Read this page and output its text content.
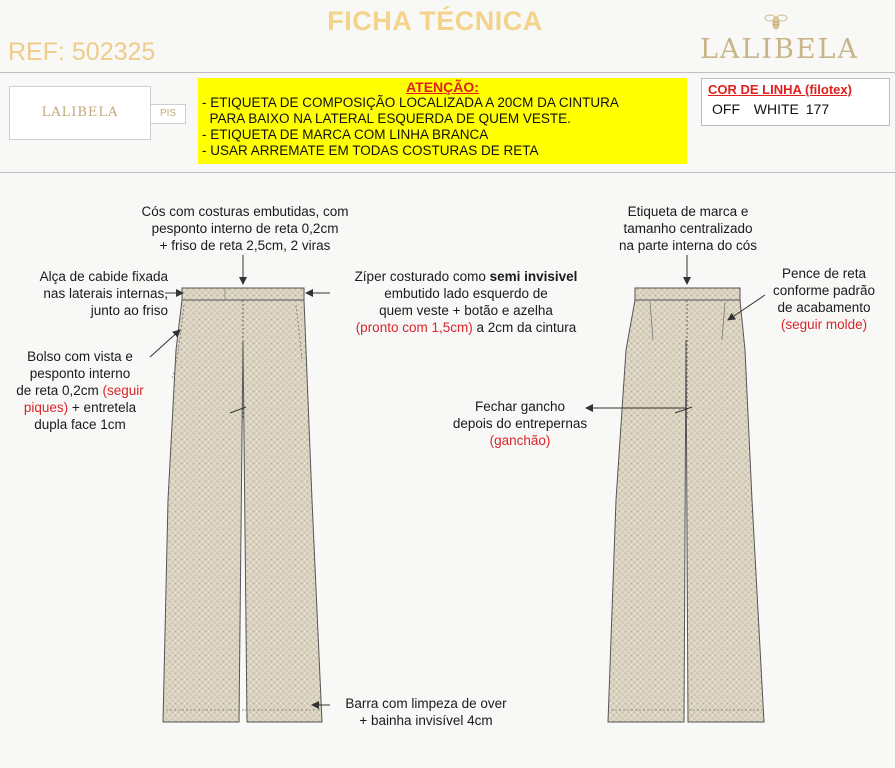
FICHA TÉCNICA
REF: 502325	LALIBELA
LALIBELA	PIS
ATENÇÃO:
- ETIQUETA DE COMPOSIÇÃO LOCALIZADA A 20CM DA CINTURA
PARA BAIXO NA LATERAL ESQUERDA DE QUEM VESTE.
- ETIQUETA DE MARCA COM LINHA BRANCA
- USAR ARREMATE EM TODAS COSTURAS DE RETA
COR DE LINHA (filotex)
OFF  WHITE 177
Cós com costuras embutidas, com
pesponto interno de reta 0,2cm
+ friso de reta 2,5cm, 2 viras
Alça de cabide fixada
nas laterais internas,
junto ao friso
Zíper costurado como semi invisivel
embutido lado esquerdo de
quem veste + botão e azelha
(pronto com 1,5cm) a 2cm da cintura
Bolso com vista e
pesponto interno
de reta 0,2cm (seguir
piques) + entretela
dupla face 1cm
Barra com limpeza de over
+ bainha invisível 4cm
Etiqueta de marca e
tamanho centralizado
na parte interna do cós
Pence de reta
conforme padrão
de acabamento
(seguir molde)
Fechar gancho
depois do entrepernas
(ganchão)
